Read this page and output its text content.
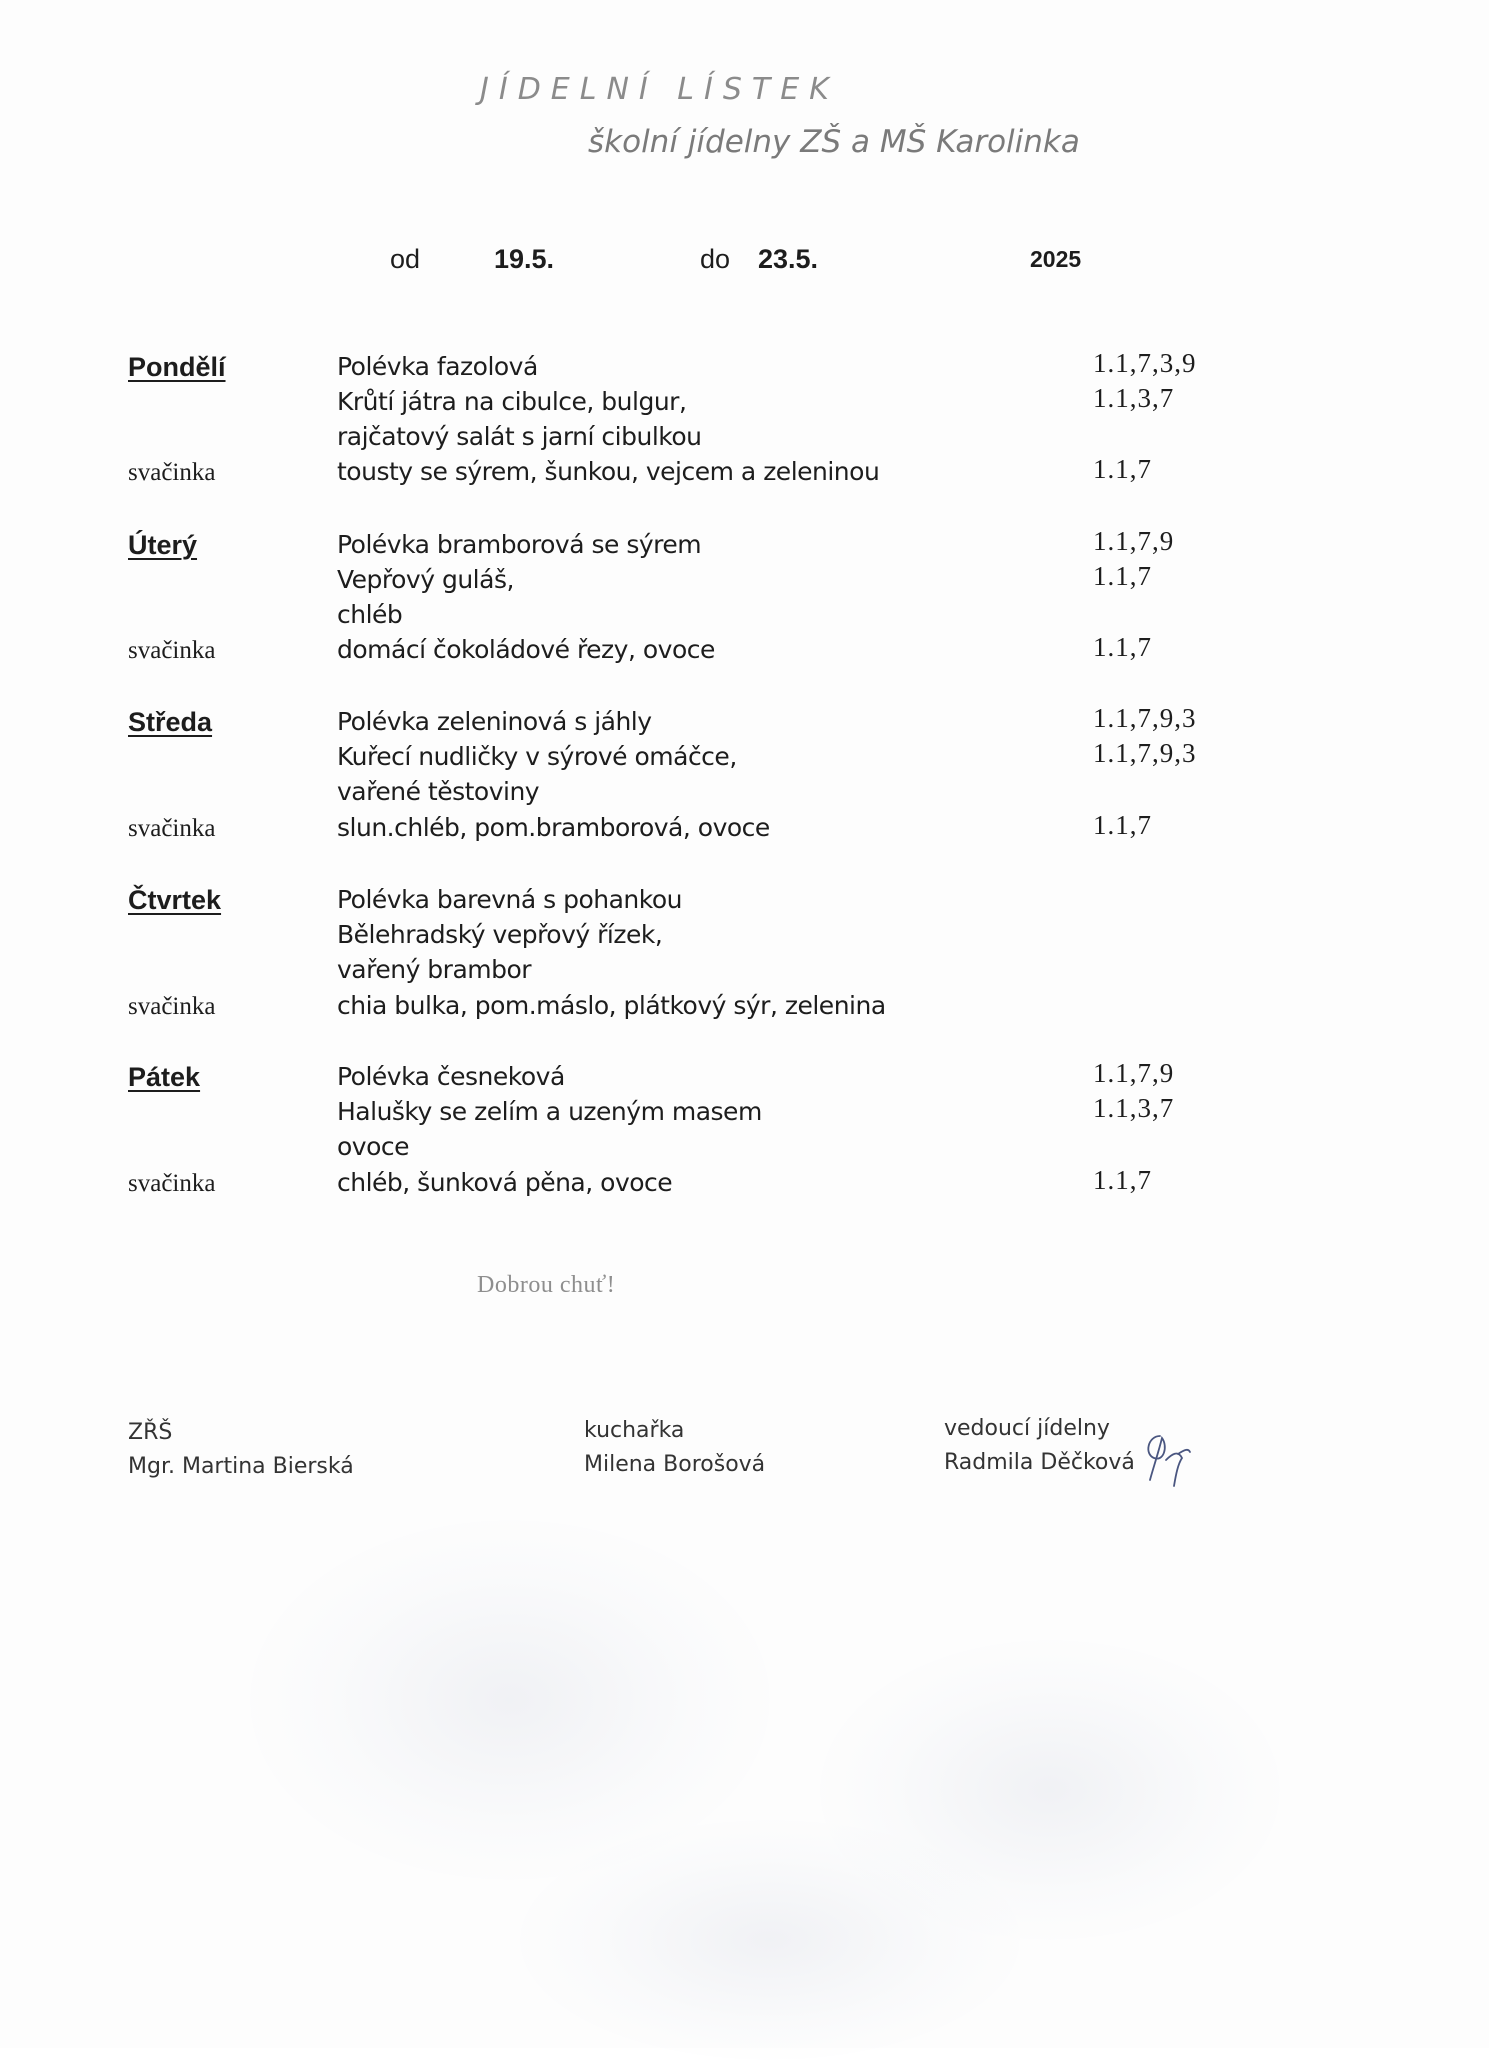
JÍDELNÍ LÍSTEK
školní jídelny ZŠ a MŠ Karolinka
od	19.5.	do 23.5.	2025
Pondělí	Polévka fazolová	1.1,7,3,9
Krůtí játra na cibulce, bulgur,	1.1,3,7
rajčatový salát s jarní cibulkou
svačinka	tousty se sýrem, šunkou, vejcem a zeleninou	1.1,7
Úterý	Polévka bramborová se sýrem	1.1,7,9
Vepřový guláš,	1.1,7
chléb
svačinka	domácí čokoládové řezy, ovoce	1.1,7
Středa	Polévka zeleninová s jáhly	1.1,7,9,3
Kuřecí nudličky v sýrové omáčce,	1.1,7,9,3
vařené těstoviny
svačinka	slun.chléb, pom.bramborová, ovoce	1.1,7
Čtvrtek	Polévka barevná s pohankou
Bělehradský vepřový řízek,
vařený brambor
svačinka	chia bulka, pom.máslo, plátkový sýr, zelenina
Pátek	Polévka česneková	1.1,7,9
Halušky se zelím a uzeným masem	1.1,3,7
ovoce
svačinka	chléb, šunková pěna, ovoce	1.1,7
Dobrou chuť!
ZŘŠ
Mgr. Martina Bierská
kuchařka
Milena Borošová
vedoucí jídelny
Radmila Děčková
